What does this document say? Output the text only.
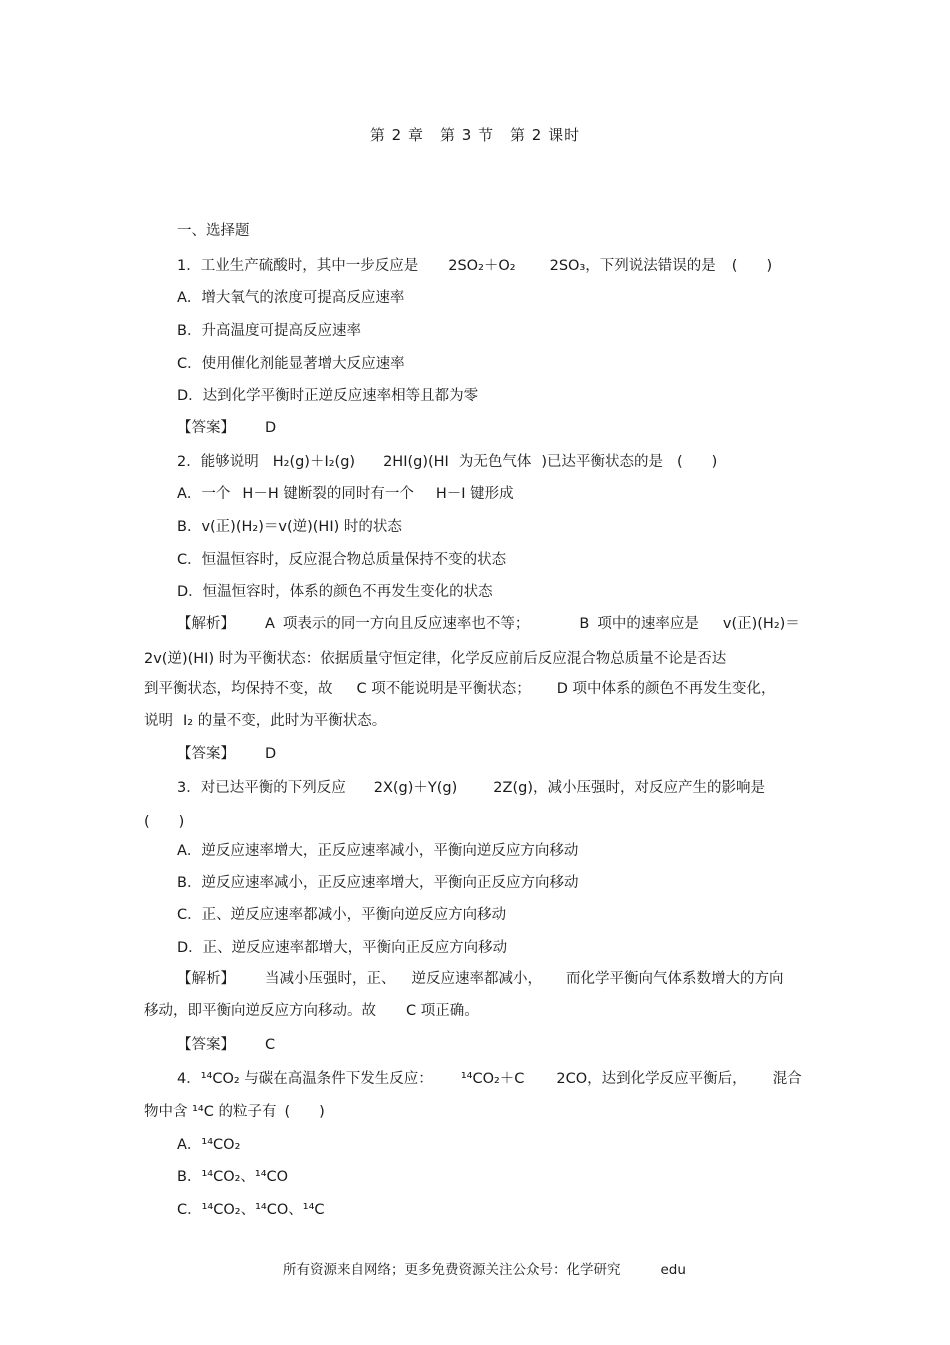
第 2 章　第 3 节　第 2 课时
一、选择题
1．工业生产硫酸时，其中一步反应是 2SO₂＋O₂ 2SO₃，下列说法错误的是 (　　)
A．增大氧气的浓度可提高反应速率
B．升高温度可提高反应速率
C．使用催化剂能显著增大反应速率
D．达到化学平衡时正逆反应速率相等且都为零
【答案】 D
2．能够说明 H₂(g)＋I₂(g) 2HI(g)(HI 为无色气体 )已达平衡状态的是 (　　)
A．一个 H－H 键断裂的同时有一个 H－I 键形成
B．v(正)(H₂)＝v(逆)(HI) 时的状态
C．恒温恒容时，反应混合物总质量保持不变的状态
D．恒温恒容时，体系的颜色不再发生变化的状态
【解析】 A 项表示的同一方向且反应速率也不等；	B 项中的速率应是 v(正)(H₂)＝
2v(逆)(HI) 时为平衡状态：依据质量守恒定律，化学反应前后反应混合物总质量不论是否达
到平衡状态，均保持不变，故 C 项不能说明是平衡状态； D 项中体系的颜色不再发生变化，
说明 I₂ 的量不变，此时为平衡状态。
【答案】 D
3．对已达平衡的下列反应 2X(g)＋Y(g) 2Z(g)，减小压强时，对反应产生的影响是
(　　)
A．逆反应速率增大，正反应速率减小，平衡向逆反应方向移动
B．逆反应速率减小，正反应速率增大，平衡向正反应方向移动
C．正、逆反应速率都减小，平衡向逆反应方向移动
D．正、逆反应速率都增大，平衡向正反应方向移动
【解析】 当减小压强时，正、 逆反应速率都减小， 而化学平衡向气体系数增大的方向
移动，即平衡向逆反应方向移动。故 C 项正确。
【答案】 C
4．¹⁴CO₂ 与碳在高温条件下发生反应： ¹⁴CO₂＋C 2CO，达到化学反应平衡后， 混合
物中含 ¹⁴C 的粒子有 (　　)
A．¹⁴CO₂
B．¹⁴CO₂、¹⁴CO
C．¹⁴CO₂、¹⁴CO、¹⁴C
所有资源来自网络；更多免费资源关注公众号：化学研究	edu
